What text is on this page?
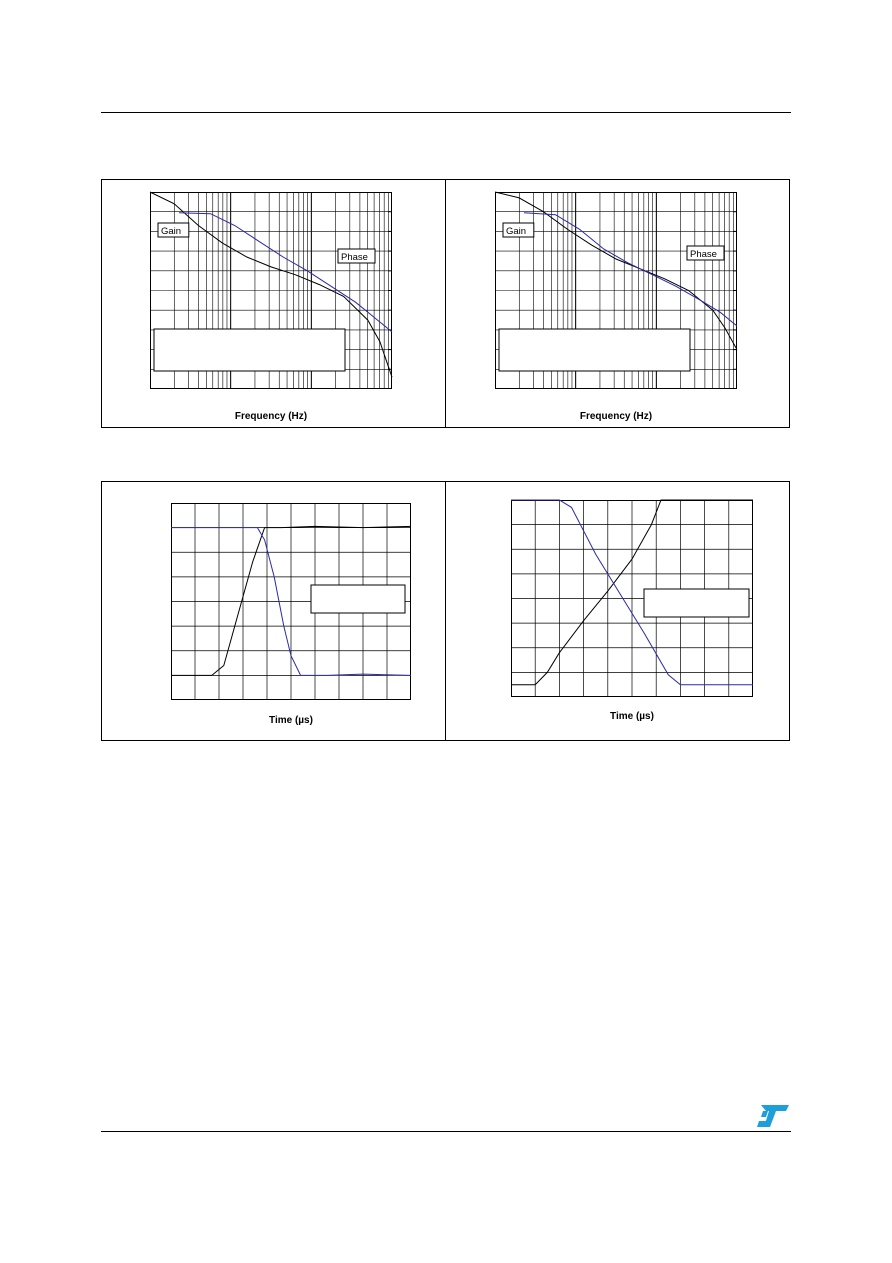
Gain
Phase
Frequency (Hz)
Gain
Phase
Frequency (Hz)
Time (µs)	Time (µs)
